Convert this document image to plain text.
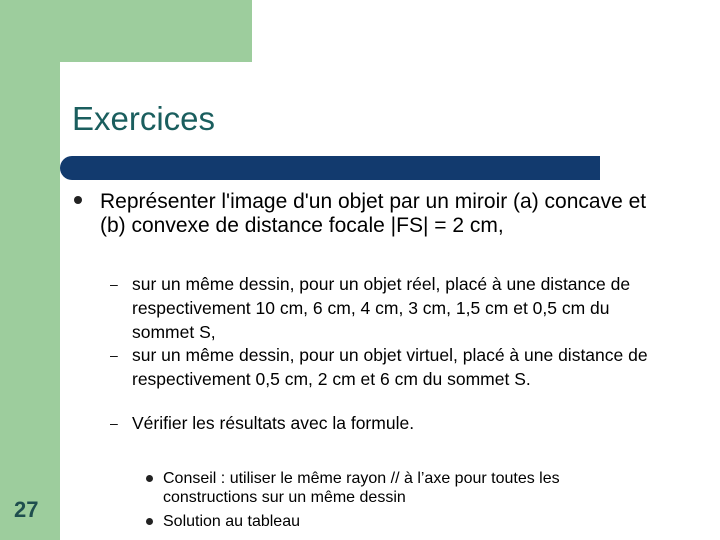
Exercices
Représenter l'image d'un objet par un miroir (a) concave et (b) convexe de distance focale |FS| = 2 cm,
– sur un même dessin, pour un objet réel, placé à une distance de respectivement 10 cm, 6 cm, 4 cm, 3 cm, 1,5 cm et 0,5 cm du sommet S,
– sur un même dessin, pour un objet virtuel, placé à une distance de respectivement 0,5 cm, 2 cm et 6 cm du sommet S.
– Vérifier les résultats avec la formule.
Conseil : utiliser le même rayon // à l’axe pour toutes les constructions sur un même dessin
Solution au tableau
27
